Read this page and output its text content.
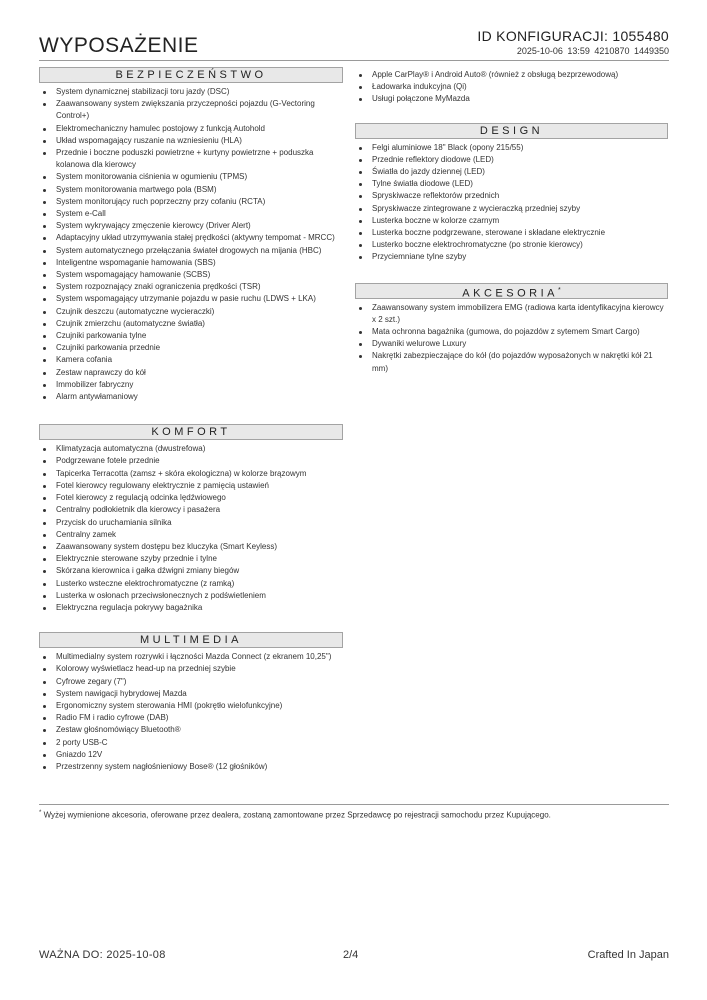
WYPOSAŻENIE	ID KONFIGURACJI: 1055480
2025-10-06 13:59 4210870 1449350
BEZPIECZEŃSTWO
System dynamicznej stabilizacji toru jazdy (DSC)
Zaawansowany system zwiększania przyczepności pojazdu (G-Vectoring Control+)
Elektromechaniczny hamulec postojowy z funkcją Autohold
Układ wspomagający ruszanie na wzniesieniu (HLA)
Przednie i boczne poduszki powietrzne + kurtyny powietrzne + poduszka kolanowa dla kierowcy
System monitorowania ciśnienia w ogumieniu (TPMS)
System monitorowania martwego pola (BSM)
System monitorujący ruch poprzeczny przy cofaniu (RCTA)
System e-Call
System wykrywający zmęczenie kierowcy (Driver Alert)
Adaptacyjny układ utrzymywania stałej prędkości (aktywny tempomat - MRCC)
System automatycznego przełączania świateł drogowych na mijania (HBC)
Inteligentne wspomaganie hamowania (SBS)
System wspomagający hamowanie (SCBS)
System rozpoznający znaki ograniczenia prędkości (TSR)
System wspomagający utrzymanie pojazdu w pasie ruchu (LDWS + LKA)
Czujnik deszczu (automatyczne wycieraczki)
Czujnik zmierzchu (automatyczne światła)
Czujniki parkowania tylne
Czujniki parkowania przednie
Kamera cofania
Zestaw naprawczy do kół
Immobilizer fabryczny
Alarm antywłamaniowy
KOMFORT
Klimatyzacja automatyczna (dwustrefowa)
Podgrzewane fotele przednie
Tapicerka Terracotta (zamsz + skóra ekologiczna) w kolorze brązowym
Fotel kierowcy regulowany elektrycznie z pamięcią ustawień
Fotel kierowcy z regulacją odcinka lędźwiowego
Centralny podłokietnik dla kierowcy i pasażera
Przycisk do uruchamiania silnika
Centralny zamek
Zaawansowany system dostępu bez kluczyka (Smart Keyless)
Elektrycznie sterowane szyby przednie i tylne
Skórzana kierownica i gałka dźwigni zmiany biegów
Lusterko wsteczne elektrochromatyczne (z ramką)
Lusterka w osłonach przeciwsłonecznych z podświetleniem
Elektryczna regulacja pokrywy bagażnika
MULTIMEDIA
Multimedialny system rozrywki i łączności Mazda Connect (z ekranem 10,25")
Kolorowy wyświetlacz head-up na przedniej szybie
Cyfrowe zegary (7")
System nawigacji hybrydowej Mazda
Ergonomiczny system sterowania HMI (pokrętło wielofunkcyjne)
Radio FM i radio cyfrowe (DAB)
Zestaw głośnomówiący Bluetooth®
2 porty USB-C
Gniazdo 12V
Przestrzenny system nagłośnieniowy Bose® (12 głośników)
Apple CarPlay® i Android Auto® (również z obsługą bezprzewodową)
Ładowarka indukcyjna (Qi)
Usługi połączone MyMazda
DESIGN
Felgi aluminiowe 18" Black (opony 215/55)
Przednie reflektory diodowe (LED)
Światła do jazdy dziennej (LED)
Tylne światła diodowe (LED)
Spryskiwacze reflektorów przednich
Spryskiwacze zintegrowane z wycieraczką przedniej szyby
Lusterka boczne w kolorze czarnym
Lusterka boczne podgrzewane, sterowane i składane elektrycznie
Lusterko boczne elektrochromatyczne (po stronie kierowcy)
Przyciemniane tylne szyby
AKCESORIA*
Zaawansowany system immobilizera EMG (radiowa karta identyfikacyjna kierowcy x 2 szt.)
Mata ochronna bagażnika (gumowa, do pojazdów z sytemem Smart Cargo)
Dywaniki welurowe Luxury
Nakrętki zabezpieczające do kół (do pojazdów wyposażonych w nakrętki kół 21 mm)
* Wyżej wymienione akcesoria, oferowane przez dealera, zostaną zamontowane przez Sprzedawcę po rejestracji samochodu przez Kupującego.
WAŻNA DO: 2025-10-08	2/4	Crafted In Japan
